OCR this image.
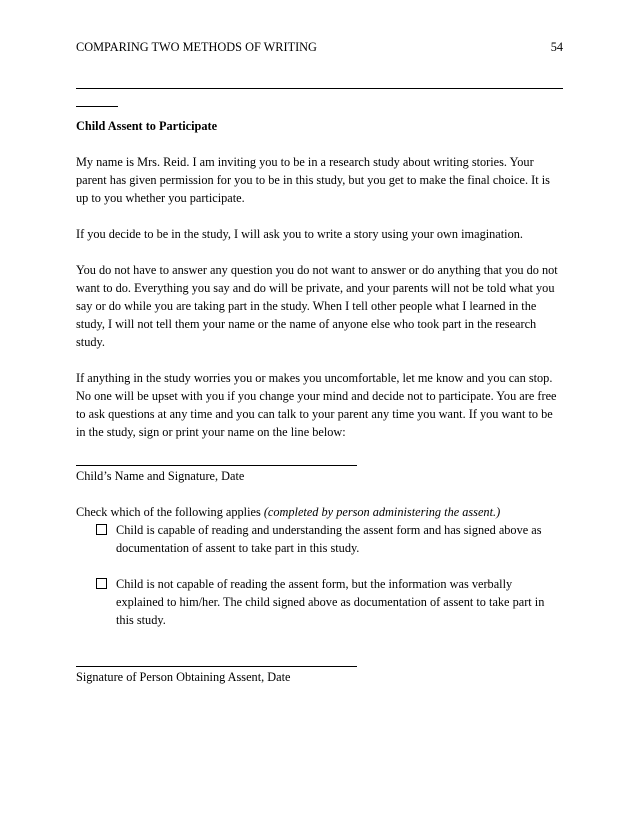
COMPARING TWO METHODS OF WRITING	54
Child Assent to Participate

My name is Mrs. Reid. I am inviting you to be in a research study about writing stories. Your parent has given permission for you to be in this study, but you get to make the final choice. It is up to you whether you participate.

If you decide to be in the study, I will ask you to write a story using your own imagination.

You do not have to answer any question you do not want to answer or do anything that you do not want to do. Everything you say and do will be private, and your parents will not be told what you say or do while you are taking part in the study. When I tell other people what I learned in the study, I will not tell them your name or the name of anyone else who took part in the research study.

If anything in the study worries you or makes you uncomfortable, let me know and you can stop. No one will be upset with you if you change your mind and decide not to participate. You are free to ask questions at any time and you can talk to your parent any time you want. If you want to be in the study, sign or print your name on the line below:

Child’s Name and Signature, Date
Check which of the following applies (completed by person administering the assent.)
Child is capable of reading and understanding the assent form and has signed above as documentation of assent to take part in this study.
Child is not capable of reading the assent form, but the information was verbally explained to him/her. The child signed above as documentation of assent to take part in this study.
Signature of Person Obtaining Assent, Date
